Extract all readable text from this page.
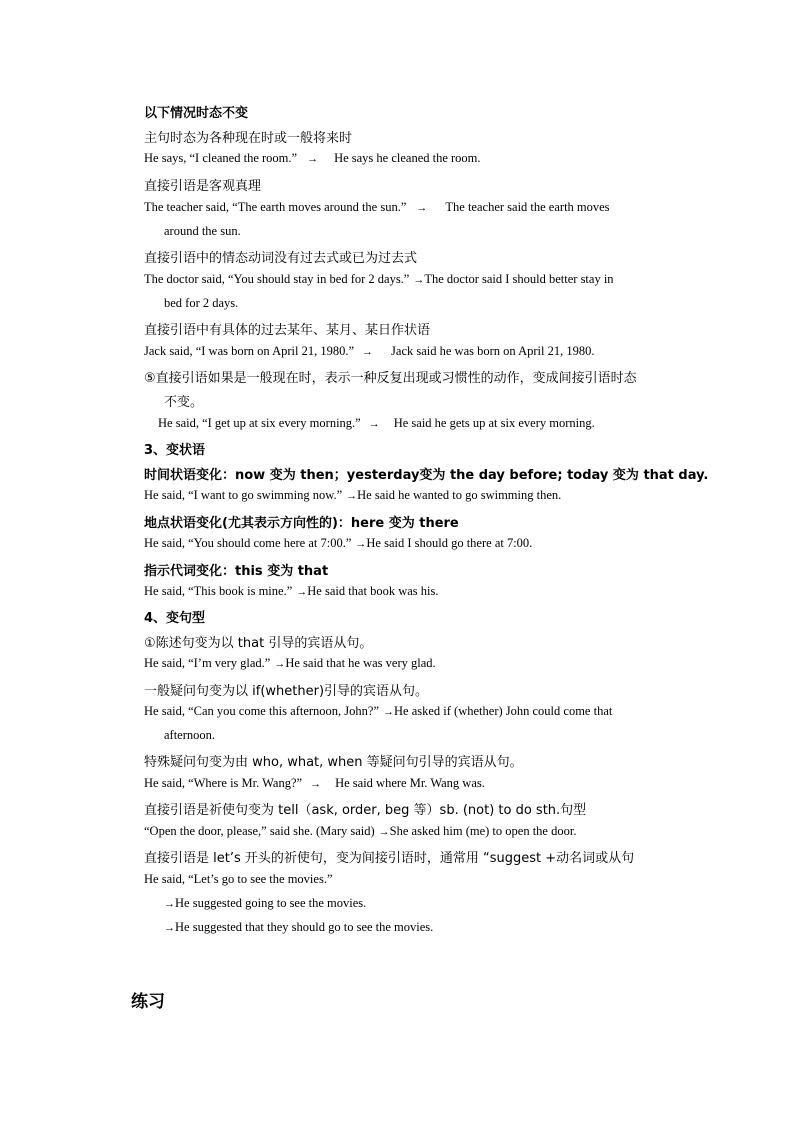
以下情况时态不变
主句时态为各种现在时或一般将来时
He says, “I cleaned the room.” → He says he cleaned the room.
直接引语是客观真理
The teacher said, “The earth moves around the sun.” → The teacher said the earth moves
around the sun.
直接引语中的情态动词没有过去式或已为过去式
The doctor said, “You should stay in bed for 2 days.” →The doctor said I should better stay in
bed for 2 days.
直接引语中有具体的过去某年、某月、某日作状语
Jack said, “I was born on April 21, 1980.” → Jack said he was born on April 21, 1980.
⑤直接引语如果是一般现在时，表示一种反复出现或习惯性的动作，变成间接引语时态
不变。
He said, “I get up at six every morning.” → He said he gets up at six every morning.
3、变状语
时间状语变化：now 变为 then；yesterday变为 the day before; today 变为 that day.
He said, “I want to go swimming now.” →He said he wanted to go swimming then.
地点状语变化(尤其表示方向性的)：here 变为 there
He said, “You should come here at 7:00.” →He said I should go there at 7:00.
指示代词变化：this 变为 that
He said, “This book is mine.” →He said that book was his.
4、变句型
①陈述句变为以 that 引导的宾语从句。
He said, “I’m very glad.” →He said that he was very glad.
一般疑问句变为以 if(whether)引导的宾语从句。
He said, “Can you come this afternoon, John?” →He asked if (whether) John could come that
afternoon.
特殊疑问句变为由 who, what, when 等疑问句引导的宾语从句。
He said, “Where is Mr. Wang?” → He said where Mr. Wang was.
直接引语是祈使句变为 tell（ask, order, beg 等）sb. (not) to do sth.句型
“Open the door, please,” said she. (Mary said) →She asked him (me) to open the door.
直接引语是 let’s 开头的祈使句，变为间接引语时，通常用 “suggest +动名词或从句
He said, “Let’s go to see the movies.”
→He suggested going to see the movies.
→He suggested that they should go to see the movies.
练习
